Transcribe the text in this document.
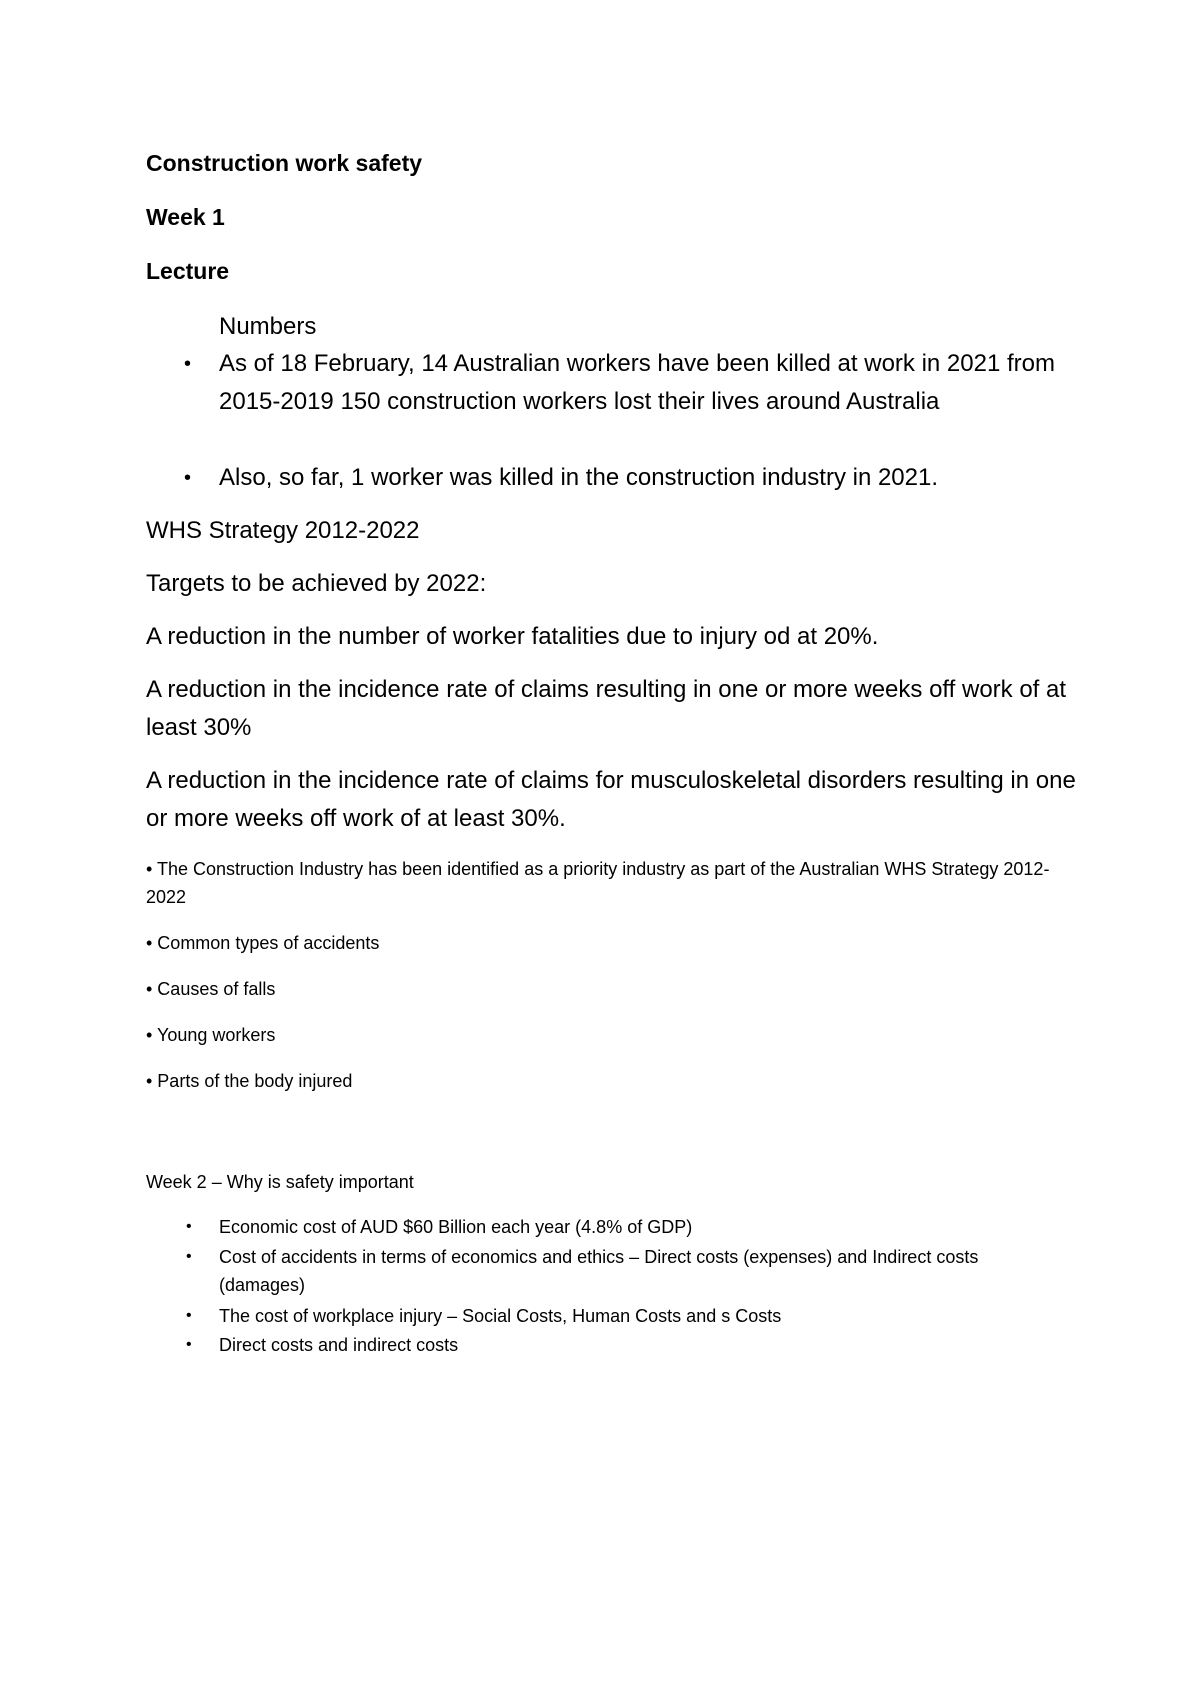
Construction work safety
Week 1
Lecture
Numbers
• As of 18 February, 14 Australian workers have been killed at work in 2021 from 2015-2019 150 construction workers lost their lives around Australia
• Also, so far, 1 worker was killed in the construction industry in 2021.
WHS Strategy 2012-2022
Targets to be achieved by 2022:
A reduction in the number of worker fatalities due to injury od at 20%.
A reduction in the incidence rate of claims resulting in one or more weeks off work of at least 30%
A reduction in the incidence rate of claims for musculoskeletal disorders resulting in one or more weeks off work of at least 30%.
• The Construction Industry has been identified as a priority industry as part of the Australian WHS Strategy 2012- 2022
• Common types of accidents
• Causes of falls
• Young workers
• Parts of the body injured
Week 2 – Why is safety important
• Economic cost of AUD $60 Billion each year (4.8% of GDP)
• Cost of accidents in terms of economics and ethics – Direct costs (expenses) and Indirect costs (damages)
• The cost of workplace injury – Social Costs, Human Costs and s Costs
• Direct costs and indirect costs
